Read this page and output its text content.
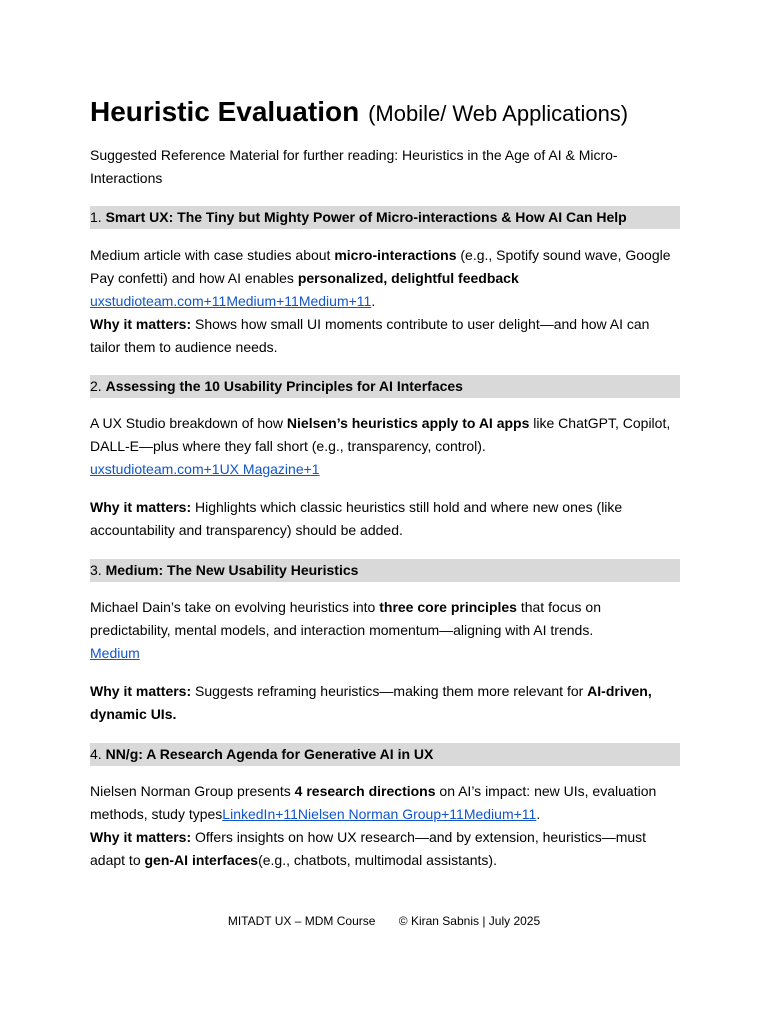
Heuristic Evaluation (Mobile/ Web Applications)

Suggested Reference Material for further reading: Heuristics in the Age of AI & Micro-Interactions

1. Smart UX: The Tiny but Mighty Power of Micro-interactions & How AI Can Help

Medium article with case studies about micro-interactions (e.g., Spotify sound wave, Google Pay confetti) and how AI enables personalized, delightful feedback
uxstudioteam.com+11Medium+11Medium+11.

Why it matters: Shows how small UI moments contribute to user delight—and how AI can tailor them to audience needs.

2. Assessing the 10 Usability Principles for AI Interfaces

A UX Studio breakdown of how Nielsen’s heuristics apply to AI apps like ChatGPT, Copilot, DALL-E—plus where they fall short (e.g., transparency, control).
uxstudioteam.com+1UX Magazine+1

Why it matters: Highlights which classic heuristics still hold and where new ones (like accountability and transparency) should be added.

3. Medium: The New Usability Heuristics

Michael Dain’s take on evolving heuristics into three core principles that focus on predictability, mental models, and interaction momentum—aligning with AI trends.
Medium

Why it matters: Suggests reframing heuristics—making them more relevant for AI-driven, dynamic UIs.

4. NN/g: A Research Agenda for Generative AI in UX

Nielsen Norman Group presents 4 research directions on AI’s impact: new UIs, evaluation methods, study typesLinkedIn+11Nielsen Norman Group+11Medium+11.
Why it matters: Offers insights on how UX research—and by extension, heuristics—must adapt to gen-AI interfaces(e.g., chatbots, multimodal assistants).

MITADT UX – MDM Course © Kiran Sabnis | July 2025
